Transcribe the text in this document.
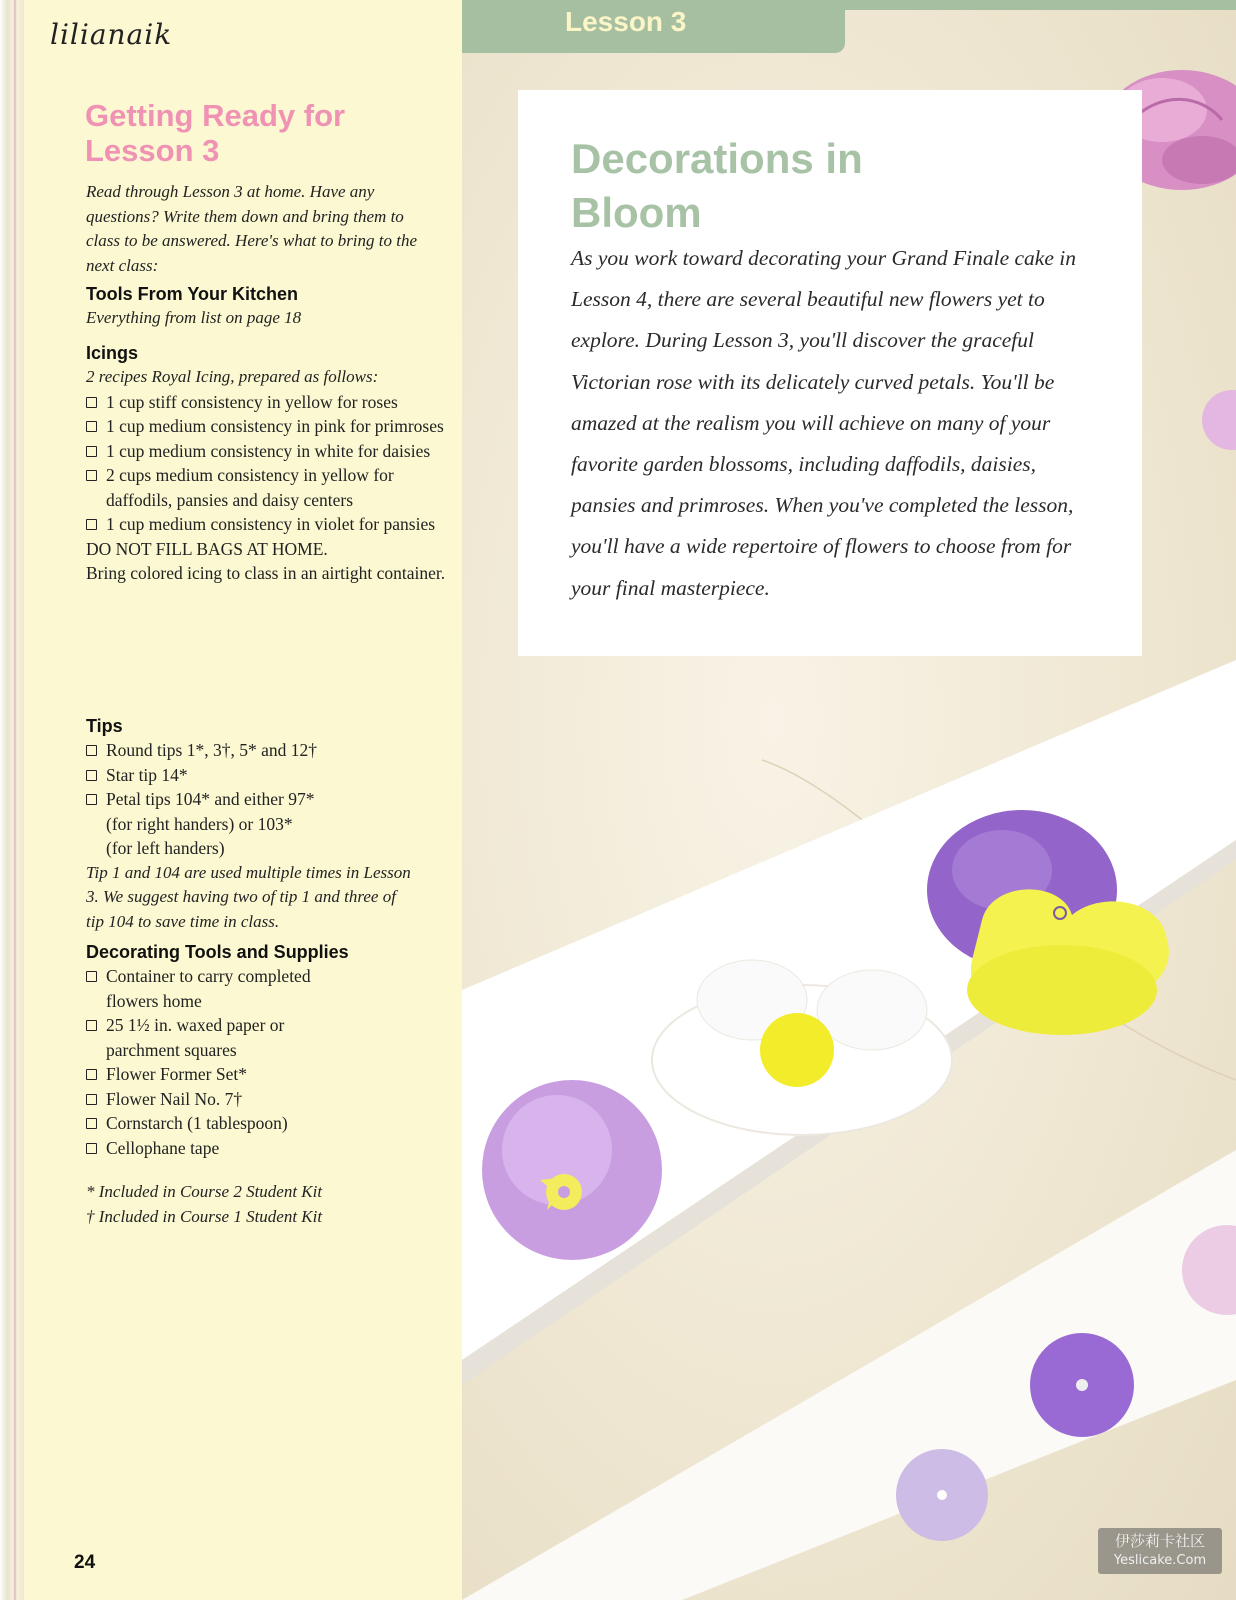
lilianaik
Getting Ready for Lesson 3

Read through Lesson 3 at home. Have any questions? Write them down and bring them to class to be answered. Here's what to bring to the next class:

Tools From Your Kitchen

Everything from list on page 18

Icings

2 recipes Royal Icing, prepared as follows:

1 cup stiff consistency in yellow for roses
1 cup medium consistency in pink for primroses
1 cup medium consistency in white for daisies
2 cups medium consistency in yellow for daffodils, pansies and daisy centers
1 cup medium consistency in violet for pansies

DO NOT FILL BAGS AT HOME.

Bring colored icing to class in an airtight container.

Tips
Round tips 1*, 3†, 5* and 12†
Star tip 14*
Petal tips 104* and either 97* (for right handers) or 103* (for left handers)

Tip 1 and 104 are used multiple times in Lesson 3. We suggest having two of tip 1 and three of tip 104 to save time in class.

Decorating Tools and Supplies
Container to carry completed flowers home
25 1½ in. waxed paper or parchment squares
Flower Former Set*
Flower Nail No. 7†
Cornstarch (1 tablespoon)
Cellophane tape

* Included in Course 2 Student Kit

† Included in Course 1 Student Kit

24

Lesson 3

Decorations in Bloom

As you work toward decorating your Grand Finale cake in Lesson 4, there are several beautiful new flowers yet to explore. During Lesson 3, you'll discover the graceful Victorian rose with its delicately curved petals. You'll be amazed at the realism you will achieve on many of your favorite garden blossoms, including daffodils, daisies, pansies and primroses. When you've completed the lesson, you'll have a wide repertoire of flowers to choose from for your final masterpiece.

伊莎莉卡社区
Yeslicake.Com
